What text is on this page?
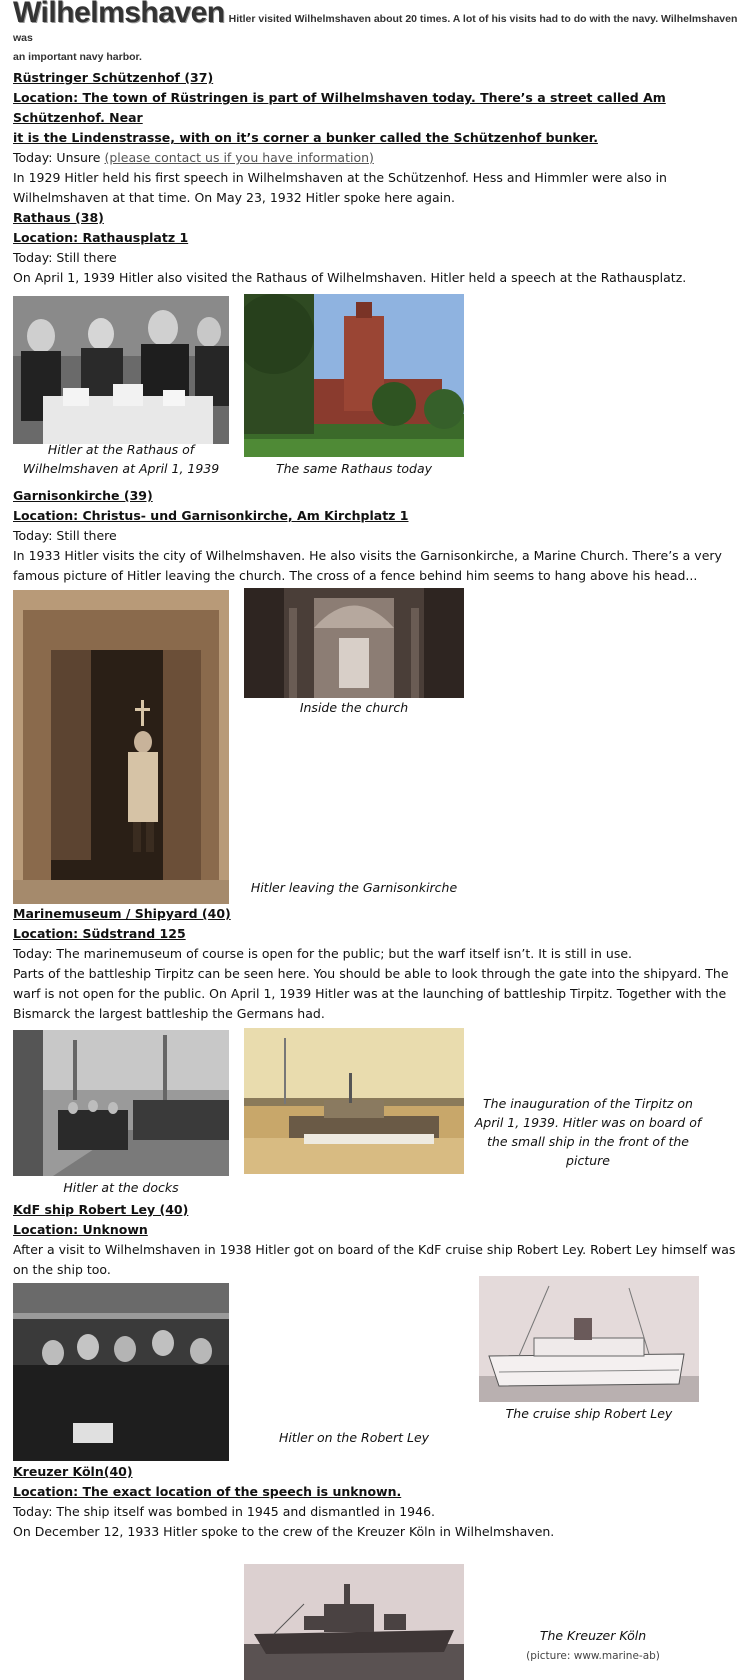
Wilhelmshaven Hitler visited Wilhelmshaven about 20 times. A lot of his visits had to do with the navy. Wilhelmshaven was
an important navy harbor.
Rüstringer Schützenhof (37)
Location: The town of Rüstringen is part of Wilhelmshaven today. There’s a street called Am Schützenhof. Near
it is the Lindenstrasse, with on it’s corner a bunker called the Schützenhof bunker.
Today: Unsure (please contact us if you have information)
In 1929 Hitler held his first speech in Wilhelmshaven at the Schützenhof. Hess and Himmler were also in
Wilhelmshaven at that time. On May 23, 1932 Hitler spoke here again.
Rathaus (38)
Location: Rathausplatz 1
Today: Still there
On April 1, 1939 Hitler also visited the Rathaus of Wilhelmshaven. Hitler held a speech at the Rathausplatz.
Hitler at the Rathaus of
Wilhelmshaven at April 1, 1939	The same Rathaus today
Garnisonkirche (39)
Location: Christus- und Garnisonkirche, Am Kirchplatz 1
Today: Still there
In 1933 Hitler visits the city of Wilhelmshaven. He also visits the Garnisonkirche, a Marine Church. There’s a very
famous picture of Hitler leaving the church. The cross of a fence behind him seems to hang above his head...
Inside the church
Hitler leaving the Garnisonkirche
Marinemuseum / Shipyard (40)
Location: Südstrand 125
Today: The marinemuseum of course is open for the public; but the warf itself isn’t. It is still in use.
Parts of the battleship Tirpitz can be seen here. You should be able to look through the gate into the shipyard. The
warf is not open for the public. On April 1, 1939 Hitler was at the launching of battleship Tirpitz. Together with the
Bismarck the largest battleship the Germans had.
The inauguration of the Tirpitz on
April 1, 1939. Hitler was on board of
the small ship in the front of the
picture
Hitler at the docks
KdF ship Robert Ley (40)
Location: Unknown
After a visit to Wilhelmshaven in 1938 Hitler got on board of the KdF cruise ship Robert Ley. Robert Ley himself was
on the ship too.
The cruise ship Robert Ley
Hitler on the Robert Ley
Kreuzer Köln(40)
Location: The exact location of the speech is unknown.
Today: The ship itself was bombed in 1945 and dismantled in 1946.
On December 12, 1933 Hitler spoke to the crew of the Kreuzer Köln in Wilhelmshaven.
The Kreuzer Köln
(picture: www.marine-ab)
